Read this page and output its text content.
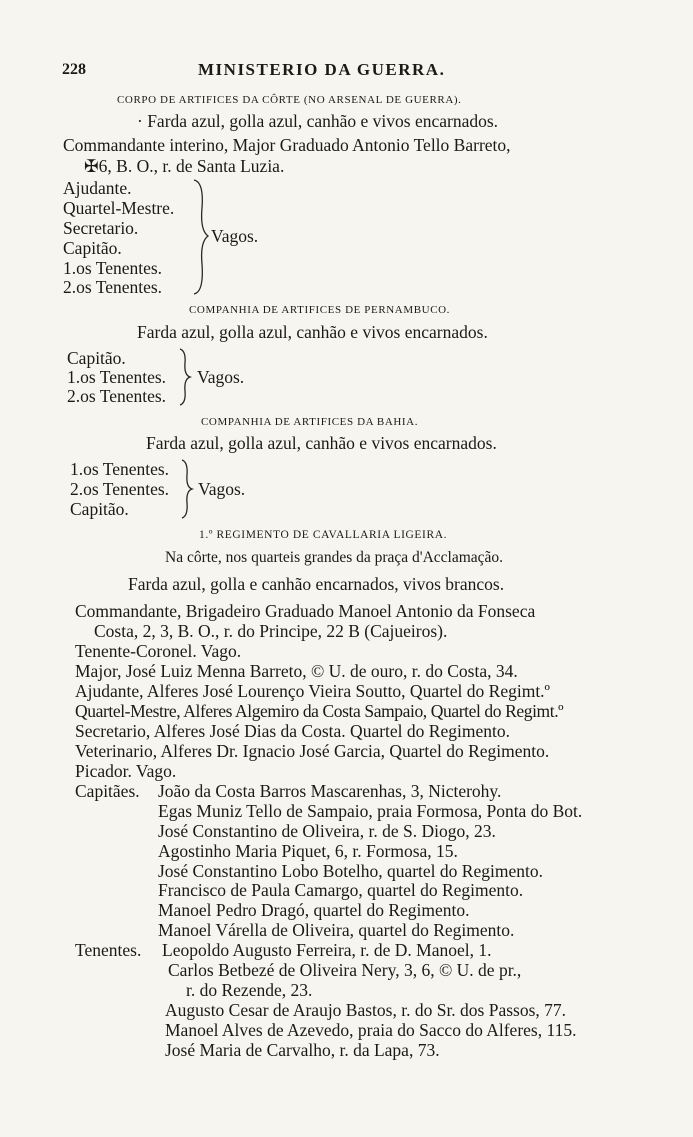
228	MINISTERIO DA GUERRA.
CORPO DE ARTIFICES DA CÔRTE (NO ARSENAL DE GUERRA).
· Farda azul, golla azul, canhão e vivos encarnados.
Commandante interino, Major Graduado Antonio Tello Barreto,
✠6, B. O., r. de Santa Luzia.
Ajudante.
Quartel-Mestre.
Secretario.
Capitão.
1.os Tenentes.
2.os Tenentes.
Vagos.
COMPANHIA DE ARTIFICES DE PERNAMBUCO.
Farda azul, golla azul, canhão e vivos encarnados.
Capitão.
1.os Tenentes.
2.os Tenentes.
Vagos.
COMPANHIA DE ARTIFICES DA BAHIA.
Farda azul, golla azul, canhão e vivos encarnados.
1.os Tenentes.
2.os Tenentes.
Capitão.
Vagos.
1.º REGIMENTO DE CAVALLARIA LIGEIRA.
Na côrte, nos quarteis grandes da praça d'Acclamação.
Farda azul, golla e canhão encarnados, vivos brancos.
Commandante, Brigadeiro Graduado Manoel Antonio da Fonseca
Costa, 2, 3, B. O., r. do Principe, 22 B (Cajueiros).
Tenente-Coronel. Vago.
Major, José Luiz Menna Barreto, © U. de ouro, r. do Costa, 34.
Ajudante, Alferes José Lourenço Vieira Soutto, Quartel do Regimt.º
Quartel-Mestre, Alferes Algemiro da Costa Sampaio, Quartel do Regimt.º
Secretario, Alferes José Dias da Costa. Quartel do Regimento.
Veterinario, Alferes Dr. Ignacio José Garcia, Quartel do Regimento.
Picador. Vago.
Capitães. João da Costa Barros Mascarenhas, 3, Nicterohy.
Egas Muniz Tello de Sampaio, praia Formosa, Ponta do Bot.
José Constantino de Oliveira, r. de S. Diogo, 23.
Agostinho Maria Piquet, 6, r. Formosa, 15.
José Constantino Lobo Botelho, quartel do Regimento.
Francisco de Paula Camargo, quartel do Regimento.
Manoel Pedro Dragó, quartel do Regimento.
Manoel Várella de Oliveira, quartel do Regimento.
Tenentes. Leopoldo Augusto Ferreira, r. de D. Manoel, 1.
Carlos Betbezé de Oliveira Nery, 3, 6, © U. de pr.,
r. do Rezende, 23.
Augusto Cesar de Araujo Bastos, r. do Sr. dos Passos, 77.
Manoel Alves de Azevedo, praia do Sacco do Alferes, 115.
José Maria de Carvalho, r. da Lapa, 73.
